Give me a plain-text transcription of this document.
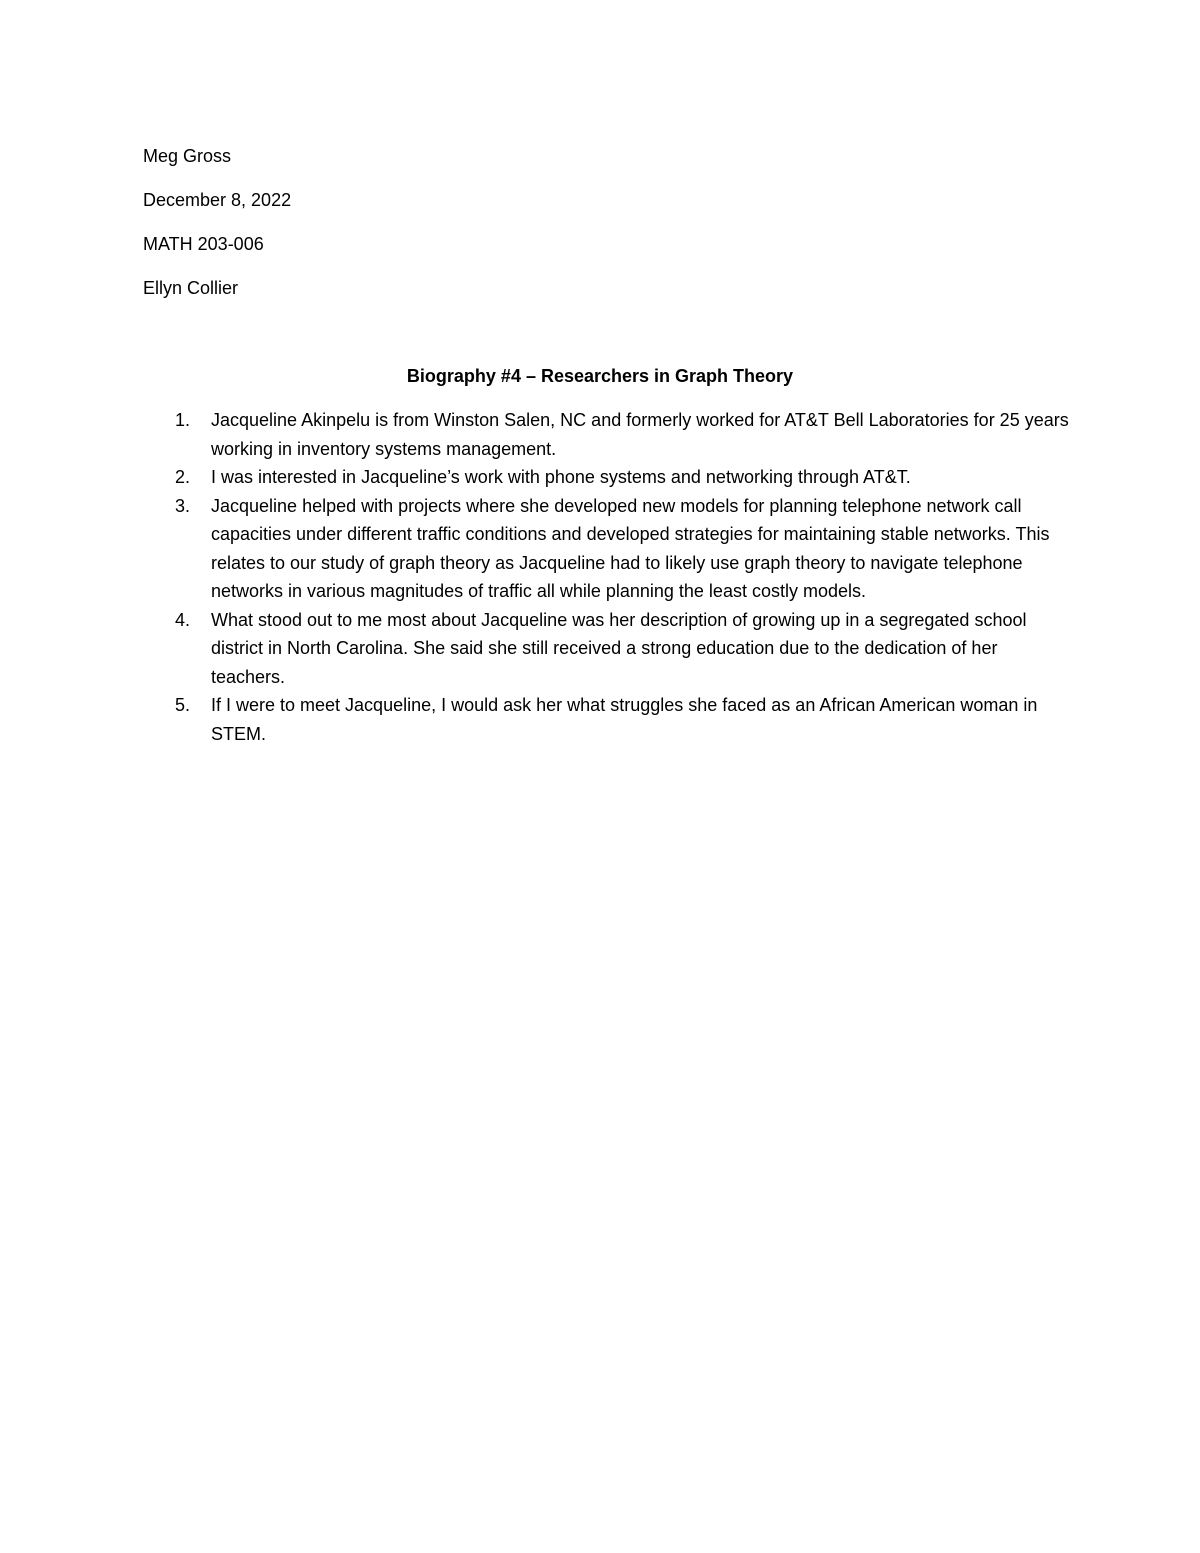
Meg Gross
December 8, 2022
MATH 203-006
Ellyn Collier
Biography #4 – Researchers in Graph Theory
1.	Jacqueline Akinpelu is from Winston Salen, NC and formerly worked for AT&T Bell Laboratories for 25 years working in inventory systems management.
2.	I was interested in Jacqueline’s work with phone systems and networking through AT&T.
3.	Jacqueline helped with projects where she developed new models for planning telephone network call capacities under different traffic conditions and developed strategies for maintaining stable networks. This relates to our study of graph theory as Jacqueline had to likely use graph theory to navigate telephone networks in various magnitudes of traffic all while planning the least costly models.
4.	What stood out to me most about Jacqueline was her description of growing up in a segregated school district in North Carolina. She said she still received a strong education due to the dedication of her teachers.
5.	If I were to meet Jacqueline, I would ask her what struggles she faced as an African American woman in STEM.
